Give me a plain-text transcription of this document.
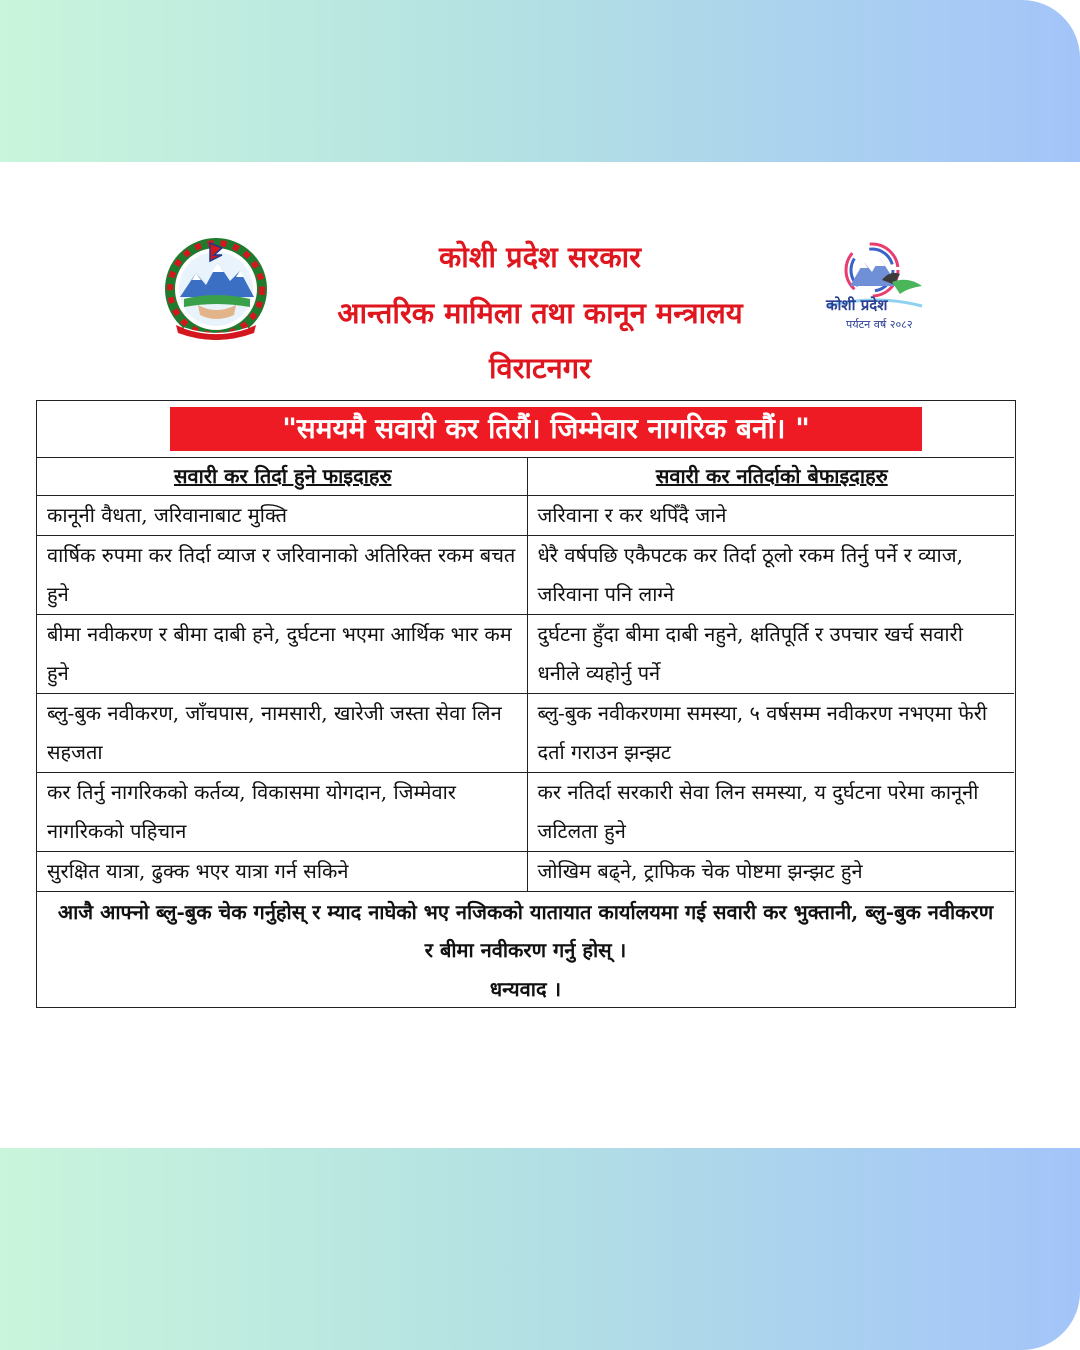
कोशी प्रदेश
पर्यटन वर्ष २०८२
कोशी प्रदेश सरकार
आन्तरिक मामिला तथा कानून मन्त्रालय
विराटनगर
"समयमै सवारी कर तिरौं। जिम्मेवार नागरिक बनौं। "
सवारी कर तिर्दा हुने फाइदाहरु	सवारी कर नतिर्दाको बेफाइदाहरु
कानूनी वैधता, जरिवानाबाट मुक्ति	जरिवाना र कर थपिँदै जाने
वार्षिक रुपमा कर तिर्दा व्याज र जरिवानाको अतिरिक्त रकम बचत हुने	धेरै वर्षपछि एकैपटक कर तिर्दा ठूलो रकम तिर्नु पर्ने र व्याज, जरिवाना पनि लाग्ने
बीमा नवीकरण र बीमा दाबी हने, दुर्घटना भएमा आर्थिक भार कम हुने	दुर्घटना हुँदा बीमा दाबी नहुने, क्षतिपूर्ति र उपचार खर्च सवारी धनीले व्यहोर्नु पर्ने
ब्लु-बुक नवीकरण, जाँचपास, नामसारी, खारेजी जस्ता सेवा लिन सहजता	ब्लु-बुक नवीकरणमा समस्या, ५ वर्षसम्म नवीकरण नभएमा फेरी दर्ता गराउन झन्झट
कर तिर्नु नागरिकको कर्तव्य, विकासमा योगदान, जिम्मेवार नागरिकको पहिचान	कर नतिर्दा सरकारी सेवा लिन समस्या, य दुर्घटना परेमा कानूनी जटिलता हुने
सुरक्षित यात्रा, ढुक्क भएर यात्रा गर्न सकिने	जोखिम बढ्ने, ट्राफिक चेक पोष्टमा झन्झट हुने
आजै आफ्नो ब्लु-बुक चेक गर्नुहोस् र म्याद नाघेको भए नजिकको यातायात कार्यालयमा गई सवारी कर भुक्तानी, ब्लु-बुक नवीकरण र बीमा नवीकरण गर्नु होस् ।
धन्यवाद ।
